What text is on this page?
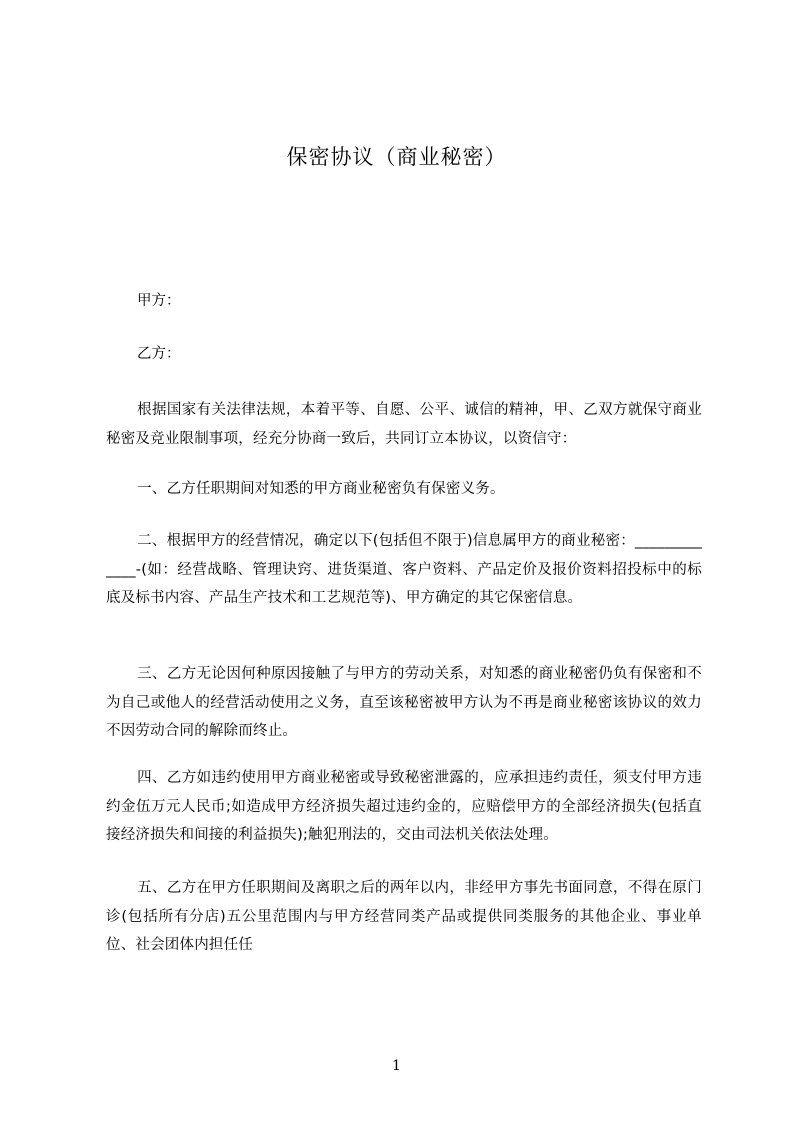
保密协议（商业秘密）
甲方：
乙方：
根据国家有关法律法规，本着平等、自愿、公平、诚信的精神，甲、乙双方就保守商业秘密及竞业限制事项，经充分协商一致后，共同订立本协议，以资信守：
一、乙方任职期间对知悉的甲方商业秘密负有保密义务。
二、根据甲方的经营情况，确定以下(包括但不限于)信息属甲方的商业秘密：_____________-(如：经营战略、管理诀窍、进货渠道、客户资料、产品定价及报价资料招投标中的标底及标书内容、产品生产技术和工艺规范等)、甲方确定的其它保密信息。
三、乙方无论因何种原因接触了与甲方的劳动关系，对知悉的商业秘密仍负有保密和不为自己或他人的经营活动使用之义务，直至该秘密被甲方认为不再是商业秘密该协议的效力不因劳动合同的解除而终止。
四、乙方如违约使用甲方商业秘密或导致秘密泄露的，应承担违约责任，须支付甲方违约金伍万元人民币;如造成甲方经济损失超过违约金的，应赔偿甲方的全部经济损失(包括直接经济损失和间接的利益损失);触犯刑法的，交由司法机关依法处理。
五、乙方在甲方任职期间及离职之后的两年以内，非经甲方事先书面同意，不得在原门诊(包括所有分店)五公里范围内与甲方经营同类产品或提供同类服务的其他企业、事业单位、社会团体内担任任
1
